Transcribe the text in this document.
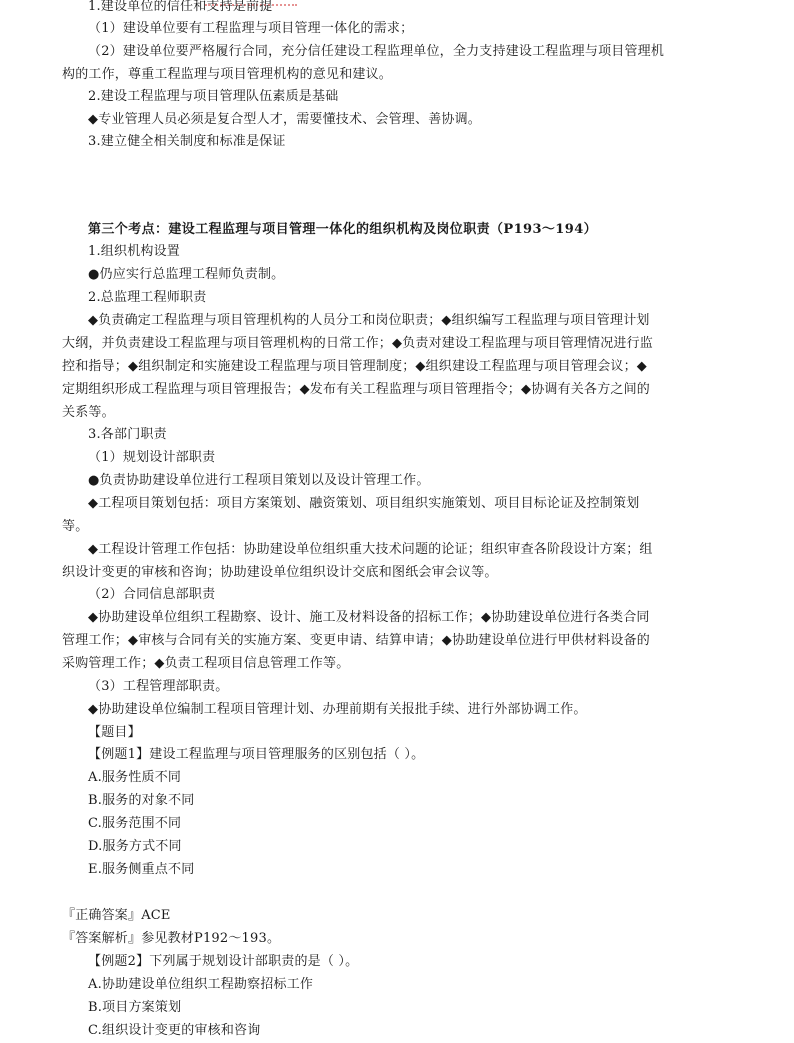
1.建设单位的信任和支持是前提
（1）建设单位要有工程监理与项目管理一体化的需求；
（2）建设单位要严格履行合同，充分信任建设工程监理单位，全力支持建设工程监理与项目管理机
构的工作，尊重工程监理与项目管理机构的意见和建议。
2.建设工程监理与项目管理队伍素质是基础
◆专业管理人员必须是复合型人才，需要懂技术、会管理、善协调。
3.建立健全相关制度和标准是保证
第三个考点：建设工程监理与项目管理一体化的组织机构及岗位职责（P193～194）
1.组织机构设置
●仍应实行总监理工程师负责制。
2.总监理工程师职责
◆负责确定工程监理与项目管理机构的人员分工和岗位职责；◆组织编写工程监理与项目管理计划
大纲，并负责建设工程监理与项目管理机构的日常工作；◆负责对建设工程监理与项目管理情况进行监
控和指导；◆组织制定和实施建设工程监理与项目管理制度；◆组织建设工程监理与项目管理会议；◆
定期组织形成工程监理与项目管理报告；◆发布有关工程监理与项目管理指令；◆协调有关各方之间的
关系等。
3.各部门职责
（1）规划设计部职责
●负责协助建设单位进行工程项目策划以及设计管理工作。
◆工程项目策划包括：项目方案策划、融资策划、项目组织实施策划、项目目标论证及控制策划
等。
◆工程设计管理工作包括：协助建设单位组织重大技术问题的论证；组织审查各阶段设计方案；组
织设计变更的审核和咨询；协助建设单位组织设计交底和图纸会审会议等。
（2）合同信息部职责
◆协助建设单位组织工程勘察、设计、施工及材料设备的招标工作；◆协助建设单位进行各类合同
管理工作；◆审核与合同有关的实施方案、变更申请、结算申请；◆协助建设单位进行甲供材料设备的
采购管理工作；◆负责工程项目信息管理工作等。
（3）工程管理部职责。
◆协助建设单位编制工程项目管理计划、办理前期有关报批手续、进行外部协调工作。
【题目】
【例题1】建设工程监理与项目管理服务的区别包括（ ）。
A.服务性质不同
B.服务的对象不同
C.服务范围不同
D.服务方式不同
E.服务侧重点不同
『正确答案』ACE
『答案解析』参见教材P192～193。
【例题2】下列属于规划设计部职责的是（ ）。
A.协助建设单位组织工程勘察招标工作
B.项目方案策划
C.组织设计变更的审核和咨询
